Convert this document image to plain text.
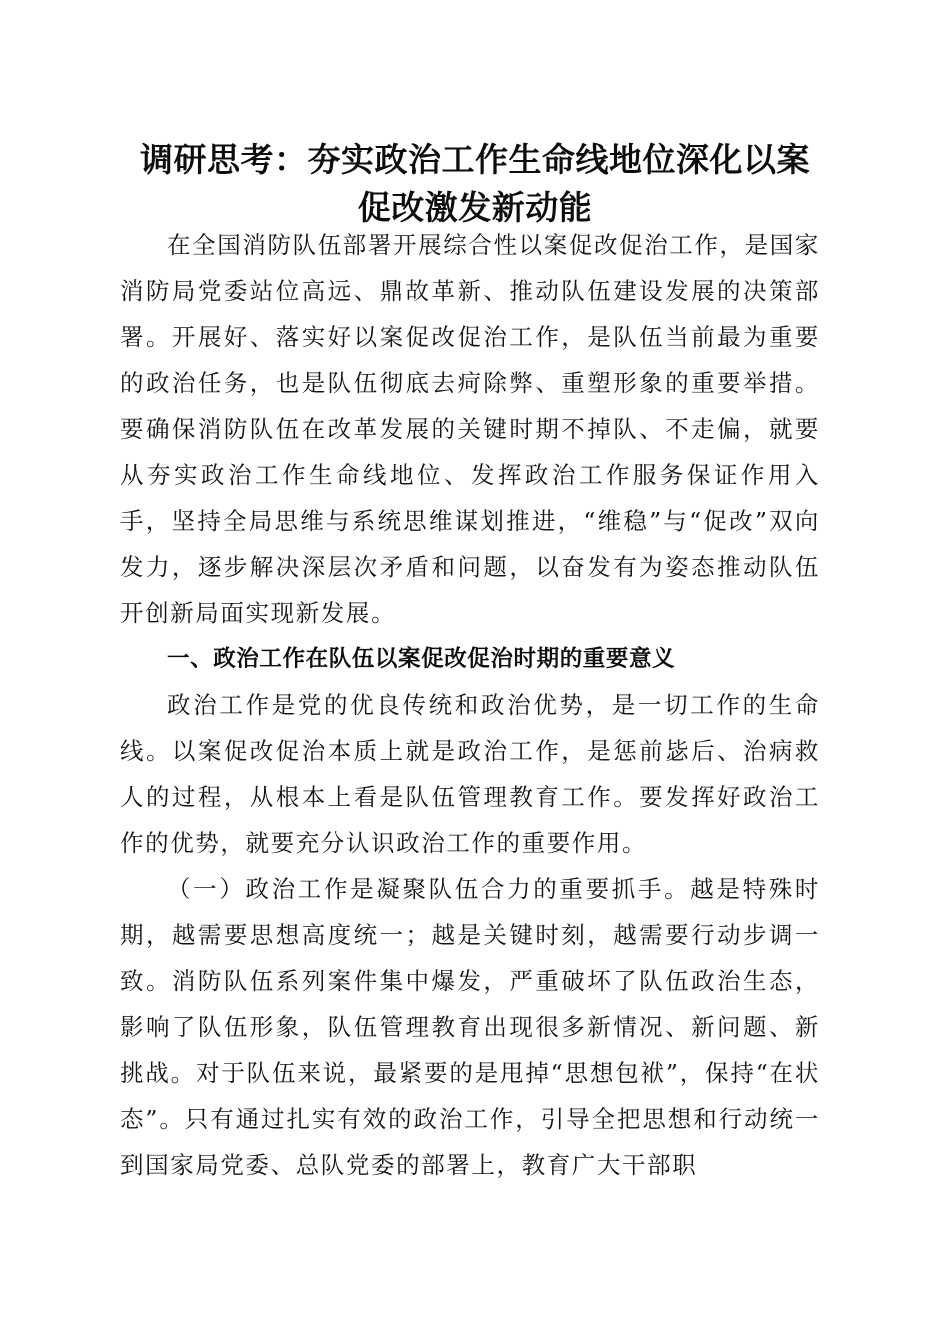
调研思考：夯实政治工作生命线地位深化以案
促改激发新动能

在全国消防队伍部署开展综合性以案促改促治工作，是国家消防局党委站位高远、鼎故革新、推动队伍建设发展的决策部署。开展好、落实好以案促改促治工作，是队伍当前最为重要的政治任务，也是队伍彻底去疴除弊、重塑形象的重要举措。要确保消防队伍在改革发展的关键时期不掉队、不走偏，就要从夯实政治工作生命线地位、发挥政治工作服务保证作用入手，坚持全局思维与系统思维谋划推进，“维稳”与“促改”双向发力，逐步解决深层次矛盾和问题，以奋发有为姿态推动队伍开创新局面实现新发展。

一、政治工作在队伍以案促改促治时期的重要意义

政治工作是党的优良传统和政治优势，是一切工作的生命线。以案促改促治本质上就是政治工作，是惩前毖后、治病救人的过程，从根本上看是队伍管理教育工作。要发挥好政治工作的优势，就要充分认识政治工作的重要作用。

（一）政治工作是凝聚队伍合力的重要抓手。越是特殊时期，越需要思想高度统一；越是关键时刻，越需要行动步调一致。消防队伍系列案件集中爆发，严重破坏了队伍政治生态，影响了队伍形象，队伍管理教育出现很多新情况、新问题、新挑战。对于队伍来说，最紧要的是甩掉“思想包袱”，保持“在状态”。只有通过扎实有效的政治工作，引导全把思想和行动统一到国家局党委、总队党委的部署上，教育广大干部职
